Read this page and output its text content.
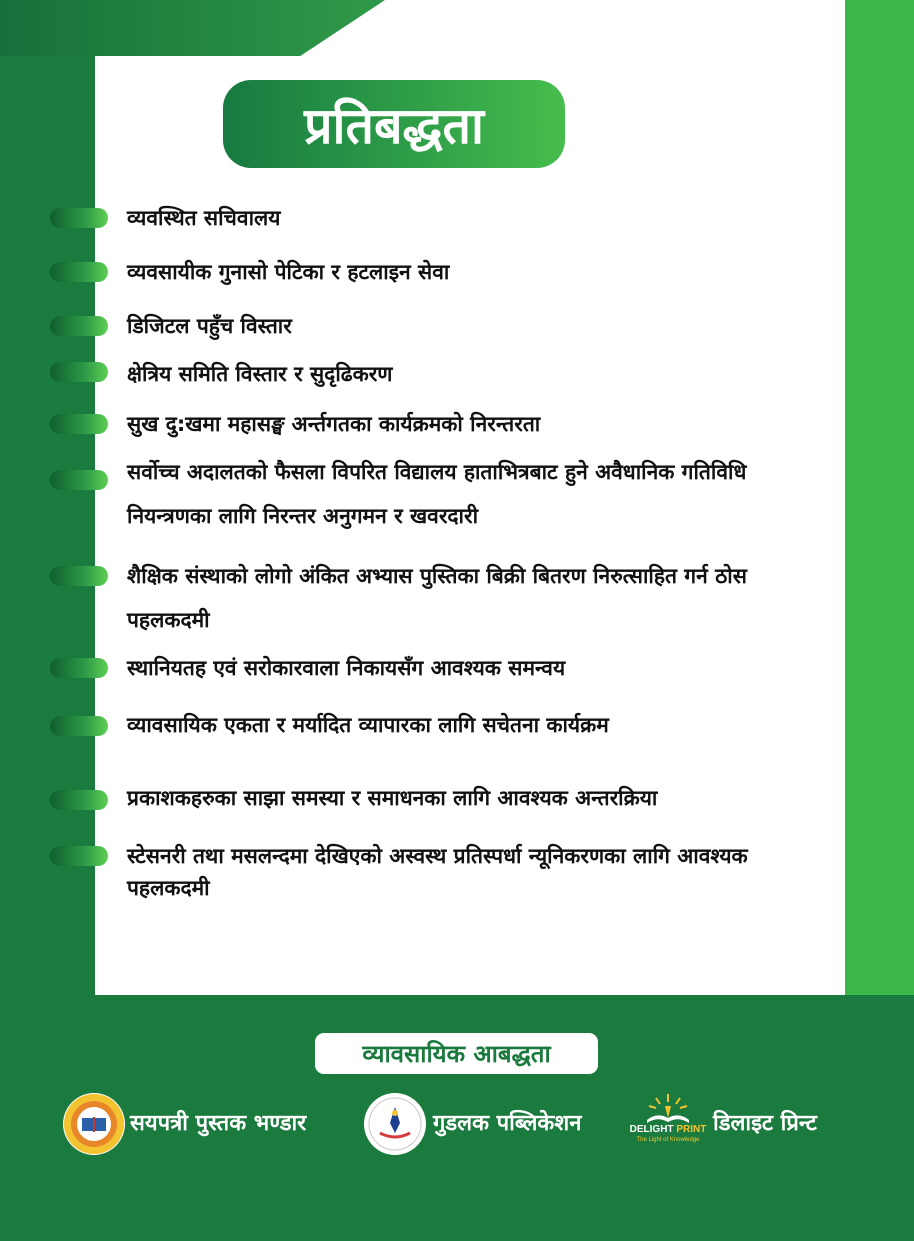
प्रतिबद्धता
व्यवस्थित सचिवालय
व्यवसायीक गुनासो पेटिका र हटलाइन सेवा
डिजिटल पहुँच विस्तार
क्षेत्रिय समिति विस्तार र सुदृढिकरण
सुख दु:खमा महासङ्घ अर्न्तगतका कार्यक्रमको निरन्तरता
सर्वोच्च अदालतको फैसला विपरित विद्यालय हाताभित्रबाट हुने अवैधानिक गतिविधि नियन्त्रणका लागि निरन्तर अनुगमन र खवरदारी
शैक्षिक संस्थाको लोगो अंकित अभ्यास पुस्तिका बिक्री बितरण निरुत्साहित गर्न ठोस पहलकदमी
स्थानियतह एवं सरोकारवाला निकायसँग आवश्यक समन्वय
व्यावसायिक एकता र मर्यादित व्यापारका लागि सचेतना कार्यक्रम
प्रकाशकहरुका साझा समस्या र समाधनका लागि आवश्यक अन्तरक्रिया
स्टेसनरी तथा मसलन्दमा देखिएको अस्वस्थ प्रतिस्पर्धा न्यूनिकरणका लागि आवश्यक पहलकदमी
व्यावसायिक आबद्धता
सयपत्री पुस्तक भण्डार	गुडलक पब्लिकेशन	DELIGHT PRINT
The Light of Knowledge
डिलाइट प्रिन्ट
